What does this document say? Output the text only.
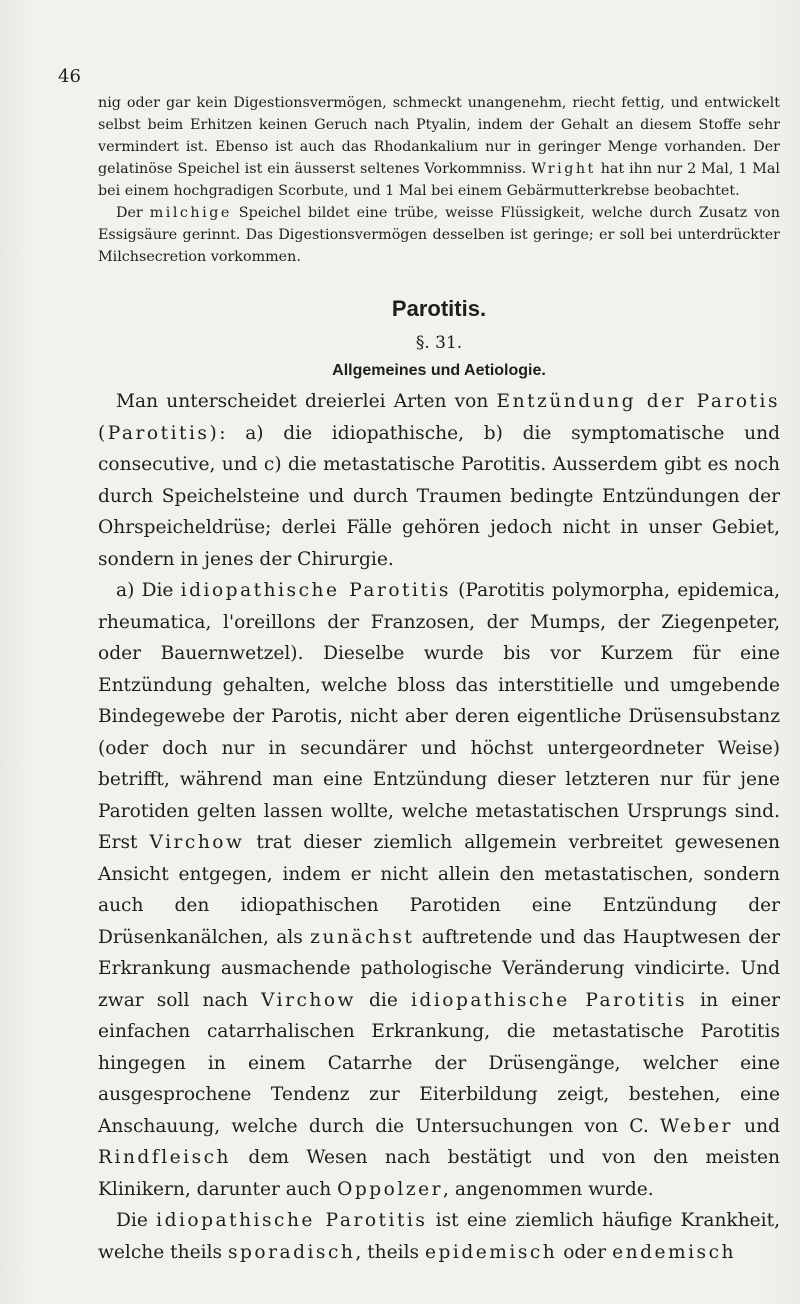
46

nig oder gar kein Digestionsvermögen, schmeckt unangenehm, riecht fettig, und entwickelt selbst beim Erhitzen keinen Geruch nach Ptyalin, indem der Gehalt an diesem Stoffe sehr vermindert ist. Ebenso ist auch das Rhodankalium nur in geringer Menge vorhanden. Der gelatinöse Speichel ist ein äusserst seltenes Vorkommniss. Wright hat ihn nur 2 Mal, 1 Mal bei einem hochgradigen Scorbute, und 1 Mal bei einem Gebärmutterkrebse beobachtet.

Der milchige Speichel bildet eine trübe, weisse Flüssigkeit, welche durch Zusatz von Essigsäure gerinnt. Das Digestionsvermögen desselben ist geringe; er soll bei unterdrückter Milchsecretion vorkommen.

Parotitis.
§. 31.
Allgemeines und Aetiologie.

Man unterscheidet dreierlei Arten von Entzündung der Parotis (Parotitis): a) die idiopathische, b) die symptomatische und consecutive, und c) die metastatische Parotitis. Ausserdem gibt es noch durch Speichelsteine und durch Traumen bedingte Entzündungen der Ohrspeicheldrüse; derlei Fälle gehören jedoch nicht in unser Gebiet, sondern in jenes der Chirurgie.

a) Die idiopathische Parotitis (Parotitis polymorpha, epidemica, rheumatica, l'oreillons der Franzosen, der Mumps, der Ziegenpeter, oder Bauernwetzel). Dieselbe wurde bis vor Kurzem für eine Entzündung gehalten, welche bloss das interstitielle und umgebende Bindegewebe der Parotis, nicht aber deren eigentliche Drüsensubstanz (oder doch nur in secundärer und höchst untergeordneter Weise) betrifft, während man eine Entzündung dieser letzteren nur für jene Parotiden gelten lassen wollte, welche metastatischen Ursprungs sind. Erst Virchow trat dieser ziemlich allgemein verbreitet gewesenen Ansicht entgegen, indem er nicht allein den metastatischen, sondern auch den idiopathischen Parotiden eine Entzündung der Drüsenkanälchen, als zunächst auftretende und das Hauptwesen der Erkrankung ausmachende pathologische Veränderung vindicirte. Und zwar soll nach Virchow die idiopathische Parotitis in einer einfachen catarrhalischen Erkrankung, die metastatische Parotitis hingegen in einem Catarrhe der Drüsengänge, welcher eine ausgesprochene Tendenz zur Eiterbildung zeigt, bestehen, eine Anschauung, welche durch die Untersuchungen von C. Weber und Rindfleisch dem Wesen nach bestätigt und von den meisten Klinikern, darunter auch Oppolzer, angenommen wurde.

Die idiopathische Parotitis ist eine ziemlich häufige Krankheit, welche theils sporadisch, theils epidemisch oder endemisch
